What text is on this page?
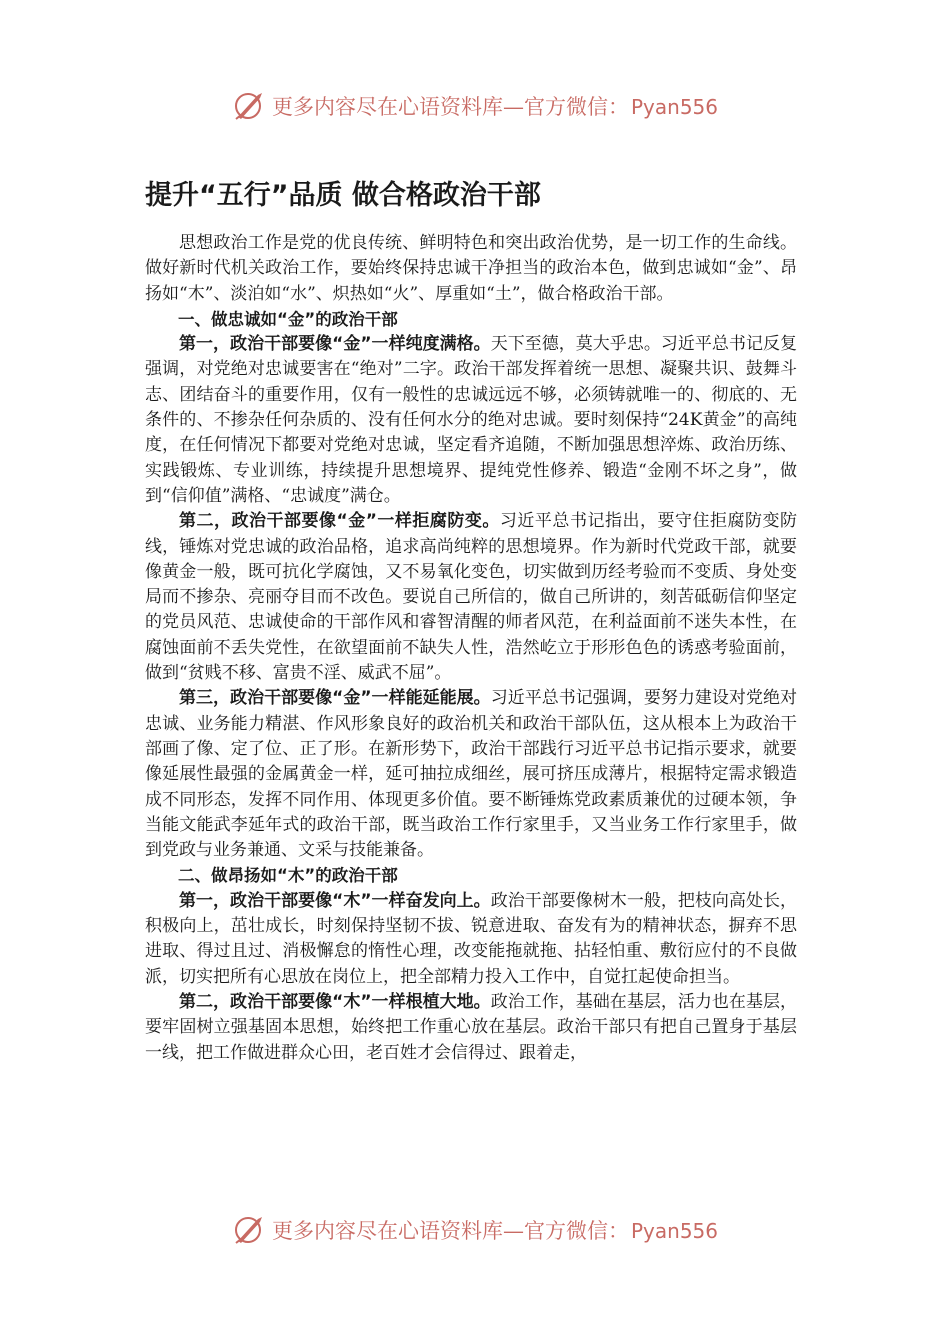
更多内容尽在心语资料库—官方微信： Pyan556
提升“五行”品质 做合格政治干部

思想政治工作是党的优良传统、鲜明特色和突出政治优势，是一切工作的生命线。做好新时代机关政治工作，要始终保持忠诚干净担当的政治本色，做到忠诚如“金”、昂扬如“木”、淡泊如“水”、炽热如“火”、厚重如“土”，做合格政治干部。

一、做忠诚如“金”的政治干部

第一，政治干部要像“金”一样纯度满格。天下至德，莫大乎忠。习近平总书记反复强调，对党绝对忠诚要害在“绝对”二字。政治干部发挥着统一思想、凝聚共识、鼓舞斗志、团结奋斗的重要作用，仅有一般性的忠诚远远不够，必须铸就唯一的、彻底的、无条件的、不掺杂任何杂质的、没有任何水分的绝对忠诚。要时刻保持“24K黄金”的高纯度，在任何情况下都要对党绝对忠诚，坚定看齐追随，不断加强思想淬炼、政治历练、实践锻炼、专业训练，持续提升思想境界、提纯党性修养、锻造“金刚不坏之身”，做到“信仰值”满格、“忠诚度”满仓。

第二，政治干部要像“金”一样拒腐防变。习近平总书记指出，要守住拒腐防变防线，锤炼对党忠诚的政治品格，追求高尚纯粹的思想境界。作为新时代党政干部，就要像黄金一般，既可抗化学腐蚀，又不易氧化变色，切实做到历经考验而不变质、身处变局而不掺杂、亮丽夺目而不改色。要说自己所信的，做自己所讲的，刻苦砥砺信仰坚定的党员风范、忠诚使命的干部作风和睿智清醒的师者风范，在利益面前不迷失本性，在腐蚀面前不丢失党性，在欲望面前不缺失人性，浩然屹立于形形色色的诱惑考验面前，做到“贫贱不移、富贵不淫、威武不屈”。

第三，政治干部要像“金”一样能延能展。习近平总书记强调，要努力建设对党绝对忠诚、业务能力精湛、作风形象良好的政治机关和政治干部队伍，这从根本上为政治干部画了像、定了位、正了形。在新形势下，政治干部践行习近平总书记指示要求，就要像延展性最强的金属黄金一样，延可抽拉成细丝，展可挤压成薄片，根据特定需求锻造成不同形态，发挥不同作用、体现更多价值。要不断锤炼党政素质兼优的过硬本领，争当能文能武李延年式的政治干部，既当政治工作行家里手，又当业务工作行家里手，做到党政与业务兼通、文采与技能兼备。

二、做昂扬如“木”的政治干部

第一，政治干部要像“木”一样奋发向上。政治干部要像树木一般，把枝向高处长，积极向上，茁壮成长，时刻保持坚韧不拔、锐意进取、奋发有为的精神状态，摒弃不思进取、得过且过、消极懈怠的惰性心理，改变能拖就拖、拈轻怕重、敷衍应付的不良做派，切实把所有心思放在岗位上，把全部精力投入工作中，自觉扛起使命担当。

第二，政治干部要像“木”一样根植大地。政治工作，基础在基层，活力也在基层，要牢固树立强基固本思想，始终把工作重心放在基层。政治干部只有把自己置身于基层一线，把工作做进群众心田，老百姓才会信得过、跟着走，

更多内容尽在心语资料库—官方微信： Pyan556
